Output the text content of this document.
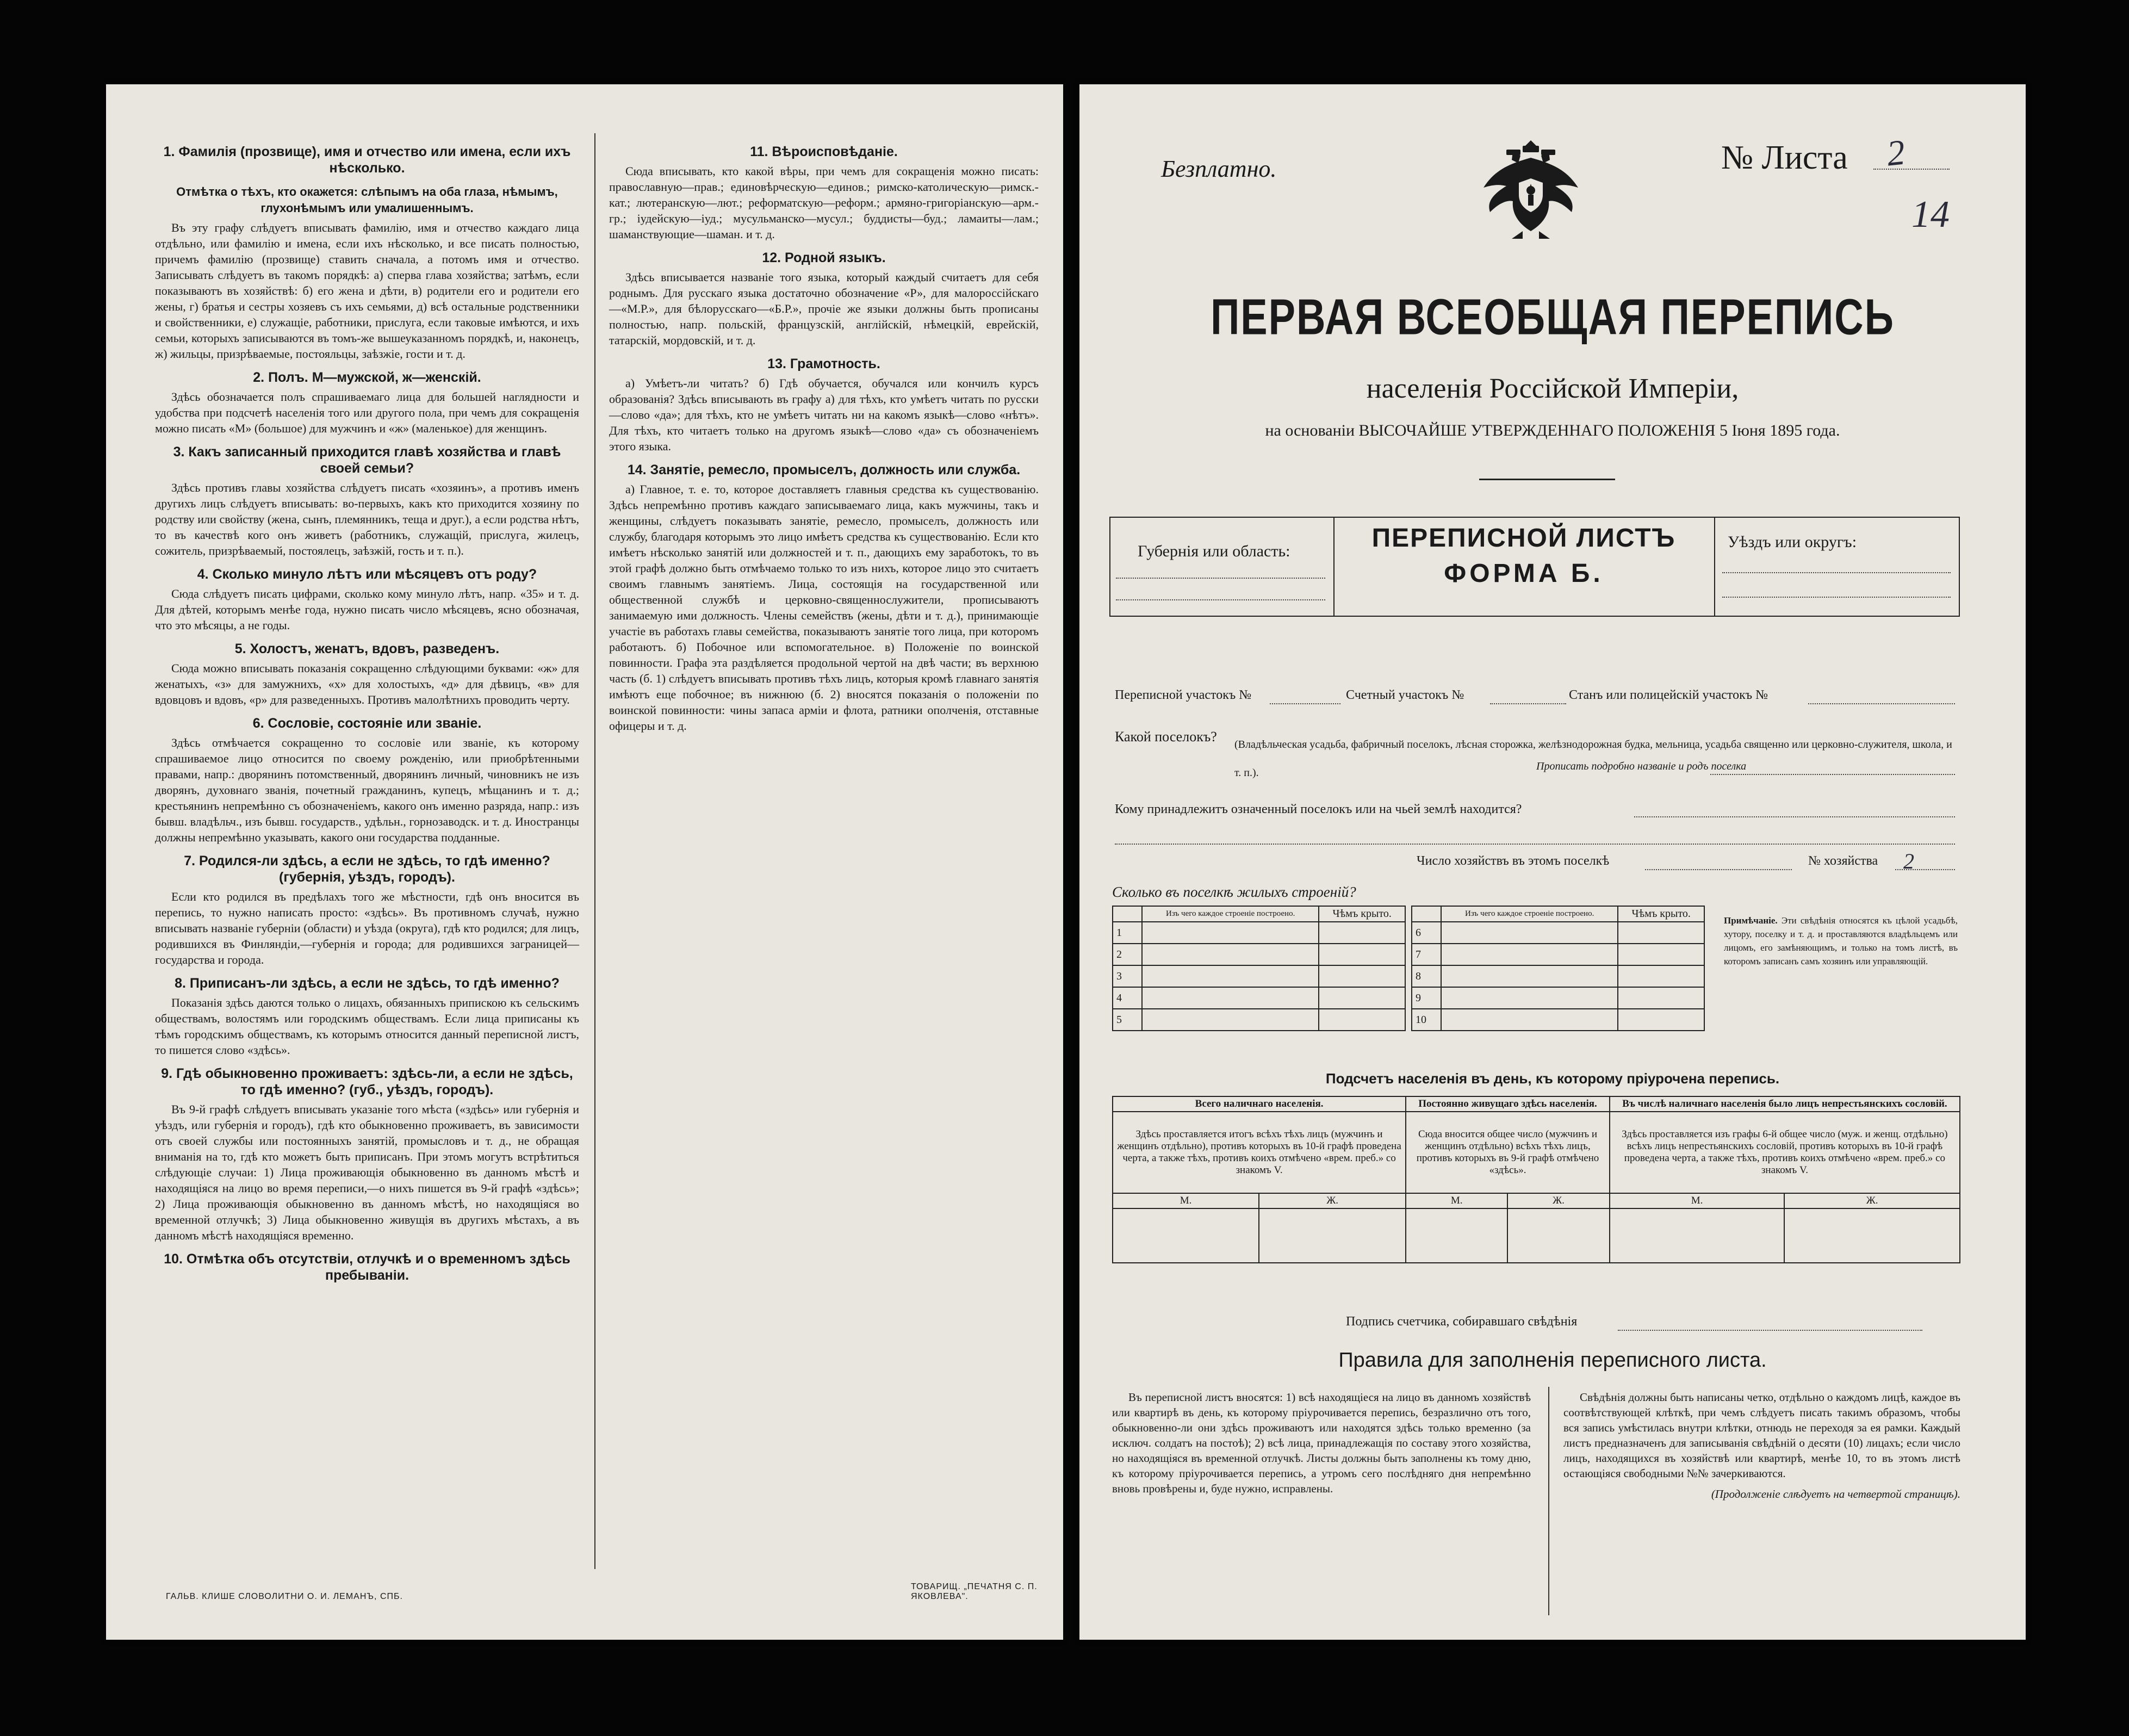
1. Фамилія (прозвище), имя и отчество или имена, если ихъ нѣсколько.
Отмѣтка о тѣхъ, кто окажется: слѣпымъ на оба глаза, нѣмымъ, глухонѣмымъ или умалишеннымъ.

Въ эту графу слѣдуетъ вписывать фамилію, имя и отчество каждаго лица отдѣльно, или фамилію и имена, если ихъ нѣсколько, и все писать полностью, причемъ фамилію (прозвище) ставить сначала, а потомъ имя и отчество. Записывать слѣдуетъ въ такомъ порядкѣ: а) сперва глава хозяйства; затѣмъ, если показываютъ въ хозяйствѣ: б) его жена и дѣти, в) родители его и родители его жены, г) братья и сестры хозяевъ съ ихъ семьями, д) всѣ остальные родственники и свойственники, е) служащіе, работники, прислуга, если таковые имѣются, и ихъ семьи, которыхъ записываются въ томъ-же вышеуказанномъ порядкѣ, и, наконецъ, ж) жильцы, призрѣваемые, постояльцы, заѣзжіе, гости и т. д.

2. Полъ. М—мужской, ж—женскій.

Здѣсь обозначается полъ спрашиваемаго лица для большей наглядности и удобства при подсчетѣ населенія того или другого пола, при чемъ для сокращенія можно писать «М» (большое) для мужчинъ и «ж» (маленькое) для женщинъ.

3. Какъ записанный приходится главѣ хозяйства и главѣ своей семьи?

Здѣсь противъ главы хозяйства слѣдуетъ писать «хозяинъ», а противъ именъ другихъ лицъ слѣдуетъ вписывать: во-первыхъ, какъ кто приходится хозяину по родству или свойству (жена, сынъ, племянникъ, теща и друг.), а если родства нѣтъ, то въ качествѣ кого онъ живетъ (работникъ, служащій, прислуга, жилецъ, сожитель, призрѣваемый, постоялецъ, заѣзжій, гость и т. п.).

4. Сколько минуло лѣтъ или мѣсяцевъ отъ роду?

Сюда слѣдуетъ писать цифрами, сколько кому минуло лѣтъ, напр. «35» и т. д. Для дѣтей, которымъ менѣе года, нужно писать число мѣсяцевъ, ясно обозначая, что это мѣсяцы, а не годы.

5. Холостъ, женатъ, вдовъ, разведенъ.

Сюда можно вписывать показанія сокращенно слѣдующими буквами: «ж» для женатыхъ, «з» для замужнихъ, «х» для холостыхъ, «д» для дѣвицъ, «в» для вдовцовъ и вдовъ, «р» для разведенныхъ. Противъ малолѣтнихъ проводить черту.

6. Сословіе, состояніе или званіе.

Здѣсь отмѣчается сокращенно то сословіе или званіе, къ которому спрашиваемое лицо относится по своему рожденію, или приобрѣтенными правами, напр.: дворянинъ потомственный, дворянинъ личный, чиновникъ не изъ дворянъ, духовнаго званія, почетный гражданинъ, купецъ, мѣщанинъ и т. д.; крестьянинъ непремѣнно съ обозначеніемъ, какого онъ именно разряда, напр.: изъ бывш. владѣльч., изъ бывш. государств., удѣльн., горнозаводск. и т. д. Иностранцы должны непремѣнно указывать, какого они государства подданные.

7. Родился-ли здѣсь, а если не здѣсь, то гдѣ именно? (губернія, уѣздъ, городъ).

Если кто родился въ предѣлахъ того же мѣстности, гдѣ онъ вносится въ перепись, то нужно написать просто: «здѣсь». Въ противномъ случаѣ, нужно вписывать названіе губерніи (области) и уѣзда (округа), гдѣ кто родился; для лицъ, родившихся въ Финляндіи,—губернія и города; для родившихся заграницей—государства и города.

8. Приписанъ-ли здѣсь, а если не здѣсь, то гдѣ именно?

Показанія здѣсь даются только о лицахъ, обязанныхъ припискою къ сельскимъ обществамъ, волостямъ или городскимъ обществамъ. Если лица приписаны къ тѣмъ городскимъ обществамъ, къ которымъ относится данный переписной листъ, то пишется слово «здѣсь».

9. Гдѣ обыкновенно проживаетъ: здѣсь-ли, а если не здѣсь, то гдѣ именно? (губ., уѣздъ, городъ).

Въ 9-й графѣ слѣдуетъ вписывать указаніе того мѣста («здѣсь» или губернія и уѣздъ, или губернія и городъ), гдѣ кто обыкновенно проживаетъ, въ зависимости отъ своей службы или постоянныхъ занятій, промысловъ и т. д., не обращая вниманія на то, гдѣ кто можетъ быть приписанъ. При этомъ могутъ встрѣтиться слѣдующіе случаи: 1) Лица проживающія обыкновенно въ данномъ мѣстѣ и находящіяся на лицо во время переписи,—о нихъ пишется въ 9-й графѣ «здѣсь»; 2) Лица проживающія обыкновенно въ данномъ мѣстѣ, но находящіяся во временной отлучкѣ; 3) Лица обыкновенно живущія въ другихъ мѣстахъ, а въ данномъ мѣстѣ находящіяся временно.

10. Отмѣтка объ отсутствіи, отлучкѣ и о временномъ здѣсь пребываніи.

11. Вѣроисповѣданіе.

Сюда вписывать, кто какой вѣры, при чемъ для сокращенія можно писать: православную—прав.; единовѣрческую—единов.; римско-католическую—римск.-кат.; лютеранскую—лют.; реформатскую—реформ.; армяно-григоріанскую—арм.-гр.; іудейскую—іуд.; мусульманско—мусул.; буддисты—буд.; ламаиты—лам.; шаманствующие—шаман. и т. д.

12. Родной языкъ.

Здѣсь вписывается названіе того языка, который каждый считаетъ для себя роднымъ. Для русскаго языка достаточно обозначение «Р», для малороссійскаго—«М.Р.», для бѣлорусскаго—«Б.Р.», прочіе же языки должны быть прописаны полностью, напр. польскій, французскій, англійскій, нѣмецкій, еврейскій, татарскій, мордовскій, и т. д.

13. Грамотность.

а) Умѣетъ-ли читать? б) Гдѣ обучается, обучался или кончилъ курсъ образованія? Здѣсь вписывають въ графу а) для тѣхъ, кто умѣетъ читать по русски—слово «да»; для тѣхъ, кто не умѣетъ читать ни на какомъ языкѣ—слово «нѣтъ». Для тѣхъ, кто читаетъ только на другомъ языкѣ—слово «да» съ обозначеніемъ этого языка.

14. Занятіе, ремесло, промыселъ, должность или служба.

а) Главное, т. е. то, которое доставляетъ главныя средства къ существованію. Здѣсь непремѣнно противъ каждаго записываемаго лица, какъ мужчины, такъ и женщины, слѣдуетъ показывать занятіе, ремесло, промыселъ, должность или службу, благодаря которымъ это лицо имѣетъ средства къ существованію. Если кто имѣетъ нѣсколько занятій или должностей и т. п., дающихъ ему заработокъ, то въ этой графѣ должно быть отмѣчаемо только то изъ нихъ, которое лицо это считаетъ своимъ главнымъ занятіемъ. Лица, состоящія на государственной или общественной службѣ и церковно-священнослужители, прописываютъ занимаемую ими должность. Члены семействъ (жены, дѣти и т. д.), принимающіе участіе въ работахъ главы семейства, показываютъ занятіе того лица, при которомъ работаютъ. б) Побочное или вспомогательное. в) Положеніе по воинской повинности. Графа эта раздѣляется продольной чертой на двѣ части; въ верхнюю часть (б. 1) слѣдуетъ вписывать противъ тѣхъ лицъ, которыя кромѣ главнаго занятія имѣютъ еще побочное; въ нижнюю (б. 2) вносятся показанія о положеніи по воинской повинности: чины запаса армiи и флота, ратники ополченія, отставные офицеры и т. д.

ГАЛЬВ. КЛИШЕ СЛОВОЛИТНИ О. И. ЛЕМАНЪ, СПБ.
ТОВАРИЩ. „ПЕЧАТНЯ С. П. ЯКОВЛЕВА".
Безплатно.	№ Листа 2
14
ПЕРВАЯ ВСЕОБЩАЯ ПЕРЕПИСЬ
населенія Россійской Имперіи,
на основаніи ВЫСОЧАЙШЕ УТВЕРЖДЕННАГО ПОЛОЖЕНІЯ 5 Іюня 1895 года.
Губернія или область:	ПЕРЕПИСНОЙ ЛИСТЪ
ФОРМА Б.
Уѣздъ или округъ:
Переписной участокъ №	Счетный участокъ №	Станъ или полицейскій участокъ №
Какой поселокъ? (Владѣльческая усадьба, фабричный поселокъ, лѣсная сторожка, желѣзнодорожная будка, мельница, усадьба священно или церковно-служителя, школа, и т. п.).
Прописать подробно названіе и родъ поселка
Кому принадлежитъ означенный поселокъ или на чьей землѣ находится?
Число хозяйствъ въ этомъ поселкѣ	№ хозяйства 2
Сколько въ поселкѣ жилыхъ строеній?
	Изъ чего каждое строеніе построено.	Чѣмъ крыто.
1		
2		
3		
4		
5		
	Изъ чего каждое строеніе построено.	Чѣмъ крыто.
6		
7		
8		
9		
10		
Примѣчаніе. Эти свѣдѣнія относятся къ цѣлой усадьбѣ, хутору, поселку и т. д. и проставляются владѣльцемъ или лицомъ, его замѣняющимъ, и только на томъ листѣ, въ которомъ записанъ самъ хозяинъ или управляющій.
Подсчетъ населенія въ день, къ которому пріурочена перепись.
Всего наличнаго населенія.		Постоянно живущаго здѣсь населенія.		Въ числѣ наличнаго населенія было лицъ непрестьянскихъ сословій.	
Здѣсь проставляется итогъ всѣхъ тѣхъ лицъ (мужчинъ и женщинъ отдѣльно), противъ которыхъ въ 10-й графѣ проведена черта, а также тѣхъ, противъ коихъ отмѣчено «врем. преб.» со знакомъ V.		Сюда вносится общее число (мужчинъ и женщинъ отдѣльно) всѣхъ тѣхъ лицъ, противъ которыхъ въ 9-й графѣ отмѣчено «здѣсь».		Здѣсь проставляется изъ графы 6-й общее число (муж. и женщ. отдѣльно) всѣхъ лицъ непрестьянскихъ сословій, противъ которыхъ въ 10-й графѣ проведена черта, а также тѣхъ, противъ коихъ отмѣчено «врем. преб.» со знакомъ V.	
М.	Ж.	М.	Ж.	М.	Ж.

Подпись счетчика, собиравшаго свѣдѣнія
Правила для заполненія переписного листа.
Въ переписной листъ вносятся: 1) всѣ находящіеся на лицо въ данномъ хозяйствѣ или квартирѣ въ день, къ которому пріурочивается перепись, безразлично отъ того, обыкновенно-ли они здѣсь проживаютъ или находятся здѣсь только временно (за исключ. солдатъ на постоѣ); 2) всѣ лица, принадлежащія по составу этого хозяйства, но находящіяся въ временной отлучкѣ. Листы должны быть заполнены къ тому дню, къ которому пріурочивается перепись, а утромъ сего послѣдняго дня непремѣнно вновь провѣрены и, буде нужно, исправлены.
Свѣдѣнія должны быть написаны четко, отдѣльно о каждомъ лицѣ, каждое въ соотвѣтствующей клѣткѣ, при чемъ слѣдуетъ писать такимъ образомъ, чтобы вся запись умѣстилась внутри клѣтки, отнюдь не переходя за ея рамки. Каждый листъ предназначенъ для записыванія свѣдѣній о десяти (10) лицахъ; если число лицъ, находящихся въ хозяйствѣ или квартирѣ, менѣе 10, то въ этомъ листѣ остающіяся свободными №№ зачеркиваются.
(Продолженіе слѣдуетъ на четвертой страницѣ).
